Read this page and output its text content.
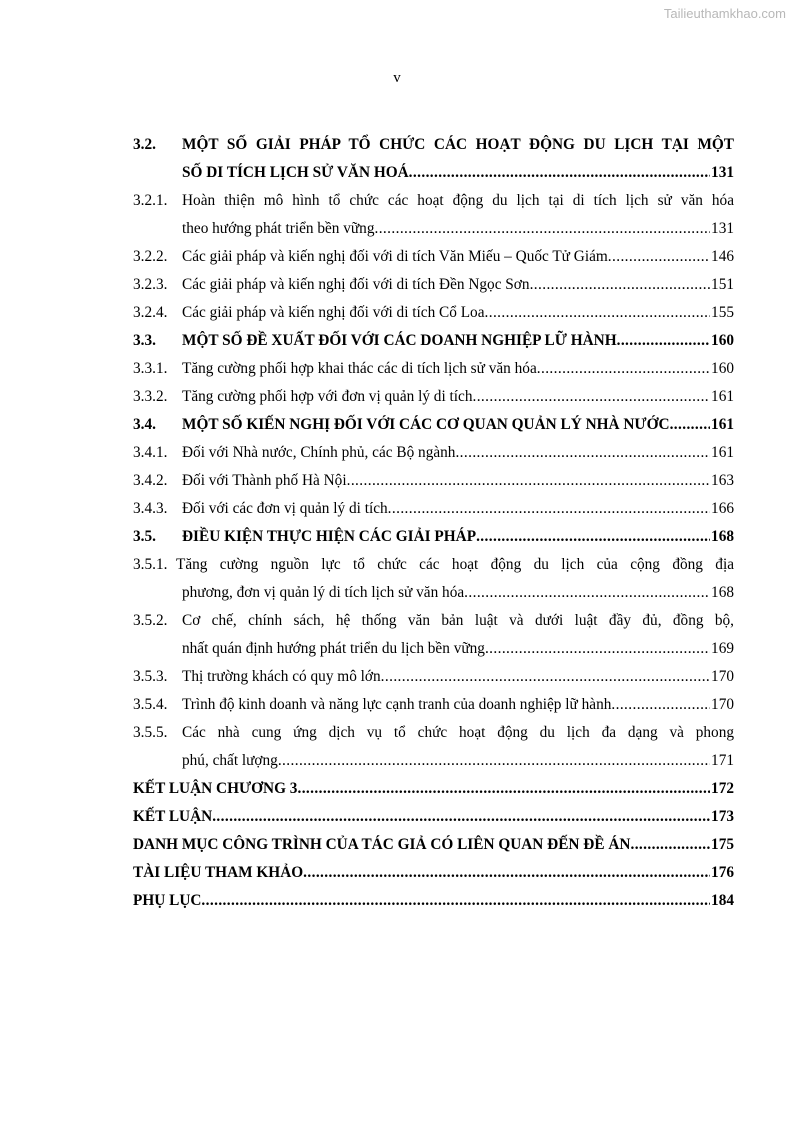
Tailieuthamkhao.com
v
3.2.	MỘT SỐ GIẢI PHÁP TỔ CHỨC CÁC HOẠT ĐỘNG DU LỊCH TẠI MỘT
SỐ DI TÍCH LỊCH SỬ VĂN HOÁ .....	131
3.2.1. Hoàn thiện mô hình tổ chức các hoạt động du lịch tại di tích lịch sử văn hóa
theo hướng phát triển bền vững .....	131
3.2.2. Các giải pháp và kiến nghị đối với di tích Văn Miếu – Quốc Tử Giám .....	146
3.2.3. Các giải pháp và kiến nghị đối với di tích Đền Ngọc Sơn .....	151
3.2.4. Các giải pháp và kiến nghị đối với di tích Cổ Loa .....	155
3.3.	MỘT SỐ ĐỀ XUẤT ĐỐI VỚI CÁC DOANH NGHIỆP LỮ HÀNH .....	160
3.3.1. Tăng cường phối hợp khai thác các di tích lịch sử văn hóa .....	160
3.3.2. Tăng cường phối hợp với đơn vị quản lý di tích .....	161
3.4.	MỘT SỐ KIẾN NGHỊ ĐỐI VỚI CÁC CƠ QUAN QUẢN LÝ NHÀ NƯỚC .....	161
3.4.1. Đối với Nhà nước, Chính phủ, các Bộ ngành .....	161
3.4.2. Đối với Thành phố Hà Nội .....	163
3.4.3. Đối với các đơn vị quản lý di tích .....	166
3.5.	ĐIỀU KIỆN THỰC HIỆN CÁC GIẢI PHÁP .....	168
3.5.1. Tăng cường nguồn lực tổ chức các hoạt động du lịch của cộng đồng địa
phương, đơn vị quản lý di tích lịch sử văn hóa .....	168
3.5.2. Cơ chế, chính sách, hệ thống văn bản luật và dưới luật đầy đủ, đồng bộ,
nhất quán định hướng phát triển du lịch bền vững .....	169
3.5.3. Thị trường khách có quy mô lớn .....	170
3.5.4. Trình độ kinh doanh và năng lực cạnh tranh của doanh nghiệp lữ hành .....	170
3.5.5. Các nhà cung ứng dịch vụ tổ chức hoạt động du lịch đa dạng và phong
phú, chất lượng .....	171
KẾT LUẬN CHƯƠNG 3 .....	172
KẾT LUẬN .....	173
DANH MỤC CÔNG TRÌNH CỦA TÁC GIẢ CÓ LIÊN QUAN ĐẾN ĐỀ ÁN .....	175
TÀI LIỆU THAM KHẢO .....	176
PHỤ LỤC .....	184
